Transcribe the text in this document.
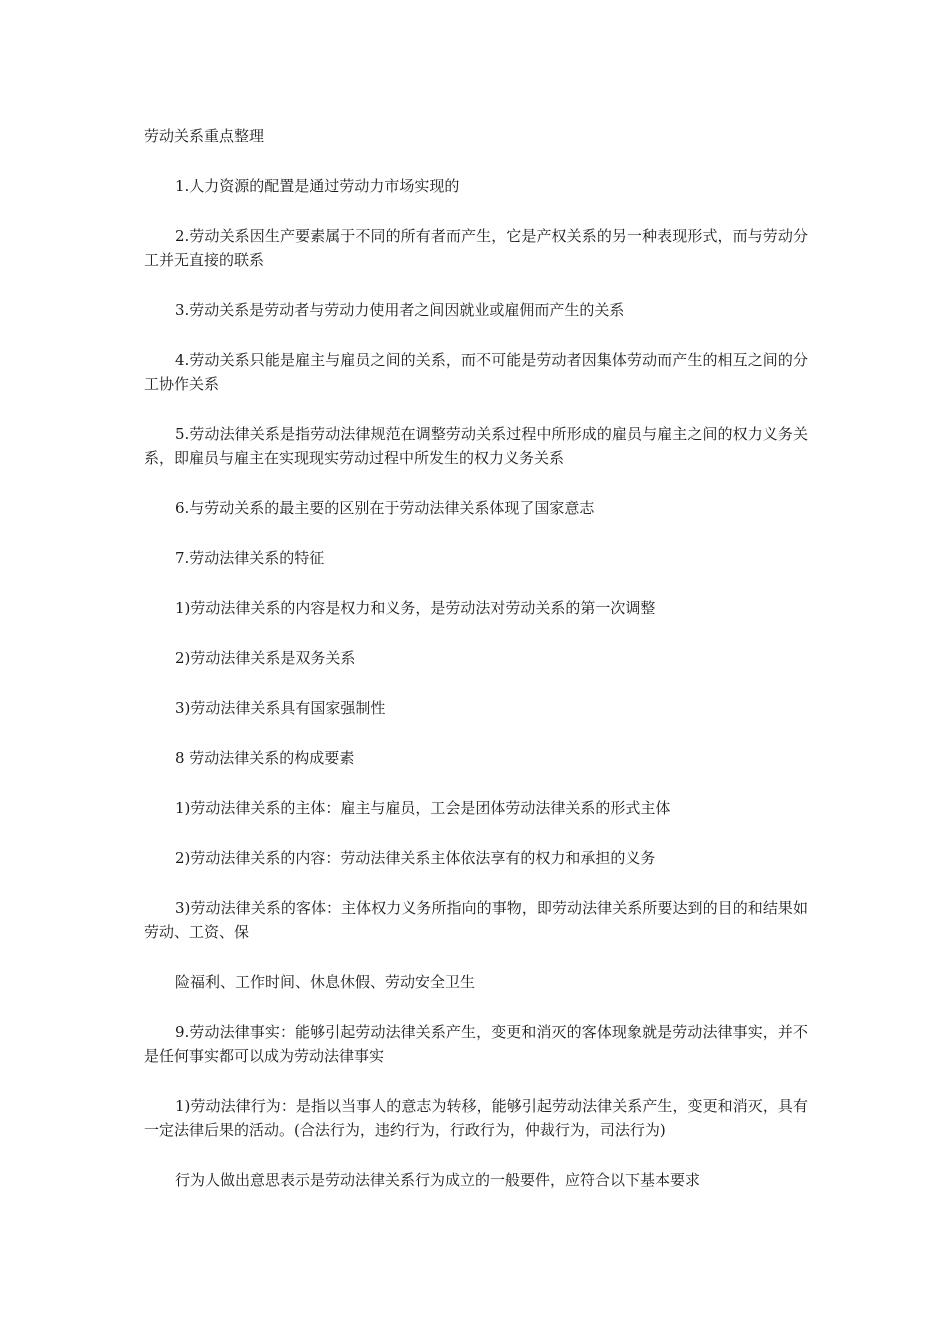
劳动关系重点整理

1.人力资源的配置是通过劳动力市场实现的

2.劳动关系因生产要素属于不同的所有者而产生，它是产权关系的另一种表现形式，而与劳动分工并无直接的联系

3.劳动关系是劳动者与劳动力使用者之间因就业或雇佣而产生的关系

4.劳动关系只能是雇主与雇员之间的关系，而不可能是劳动者因集体劳动而产生的相互之间的分工协作关系

5.劳动法律关系是指劳动法律规范在调整劳动关系过程中所形成的雇员与雇主之间的权力义务关系，即雇员与雇主在实现现实劳动过程中所发生的权力义务关系

6.与劳动关系的最主要的区别在于劳动法律关系体现了国家意志

7.劳动法律关系的特征

1)劳动法律关系的内容是权力和义务，是劳动法对劳动关系的第一次调整

2)劳动法律关系是双务关系

3)劳动法律关系具有国家强制性

8 劳动法律关系的构成要素

1)劳动法律关系的主体：雇主与雇员，工会是团体劳动法律关系的形式主体

2)劳动法律关系的内容：劳动法律关系主体依法享有的权力和承担的义务

3)劳动法律关系的客体：主体权力义务所指向的事物，即劳动法律关系所要达到的目的和结果如劳动、工资、保

险福利、工作时间、休息休假、劳动安全卫生

9.劳动法律事实：能够引起劳动法律关系产生，变更和消灭的客体现象就是劳动法律事实，并不是任何事实都可以成为劳动法律事实

1)劳动法律行为：是指以当事人的意志为转移，能够引起劳动法律关系产生，变更和消灭，具有一定法律后果的活动。(合法行为，违约行为，行政行为，仲裁行为，司法行为)

行为人做出意思表示是劳动法律关系行为成立的一般要件，应符合以下基本要求
